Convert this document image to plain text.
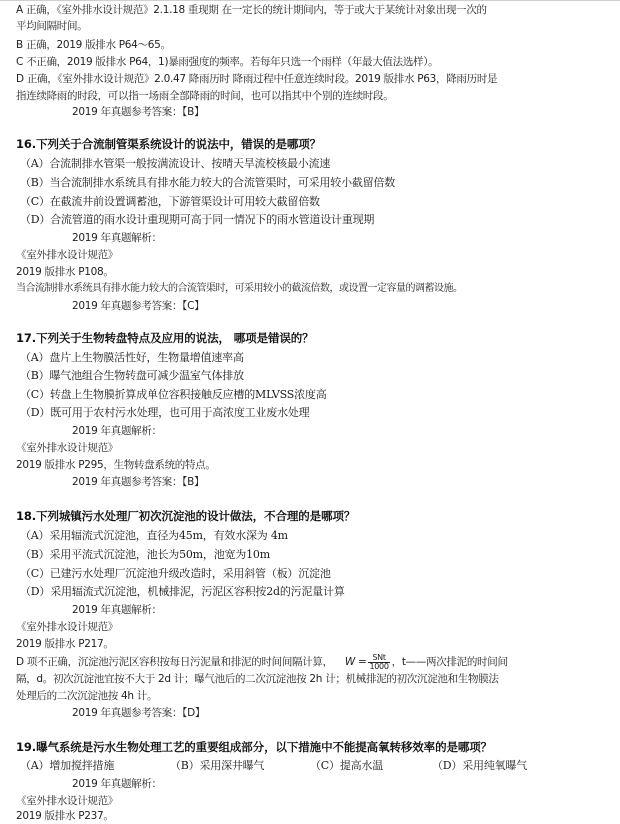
A 正确，《室外排水设计规范》2.1.18 重现期 在一定长的统计期间内，等于或大于某统计对象出现一次的
平均间隔时间。
B 正确，2019 版排水 P64～65。
C 不正确，2019 版排水 P64，1)暴雨强度的频率。若每年只选一个雨样（年最大值法选样）。
D 正确，《室外排水设计规范》2.0.47 降雨历时 降雨过程中任意连续时段。2019 版排水 P63，降雨历时是
指连续降雨的时段，可以指一场雨全部降雨的时间，也可以指其中个别的连续时段。
2019 年真题参考答案：【B】
16.下列关于合流制管渠系统设计的说法中，错误的是哪项？
（A）合流制排水管渠一般按满流设计、按晴天旱流校核最小流速
（B）当合流制排水系统具有排水能力较大的合流管渠时，可采用较小截留倍数
（C）在截流井前设置调蓄池，下游管渠设计可用较大截留倍数
（D）合流管道的雨水设计重现期可高于同一情况下的雨水管道设计重现期
2019 年真题解析：
《室外排水设计规范》
2019 版排水 P108。
当合流制排水系统具有排水能力较大的合流管渠时，可采用较小的截流倍数，或设置一定容量的调蓄设施。
2019 年真题参考答案：【C】
17.下列关于生物转盘特点及应用的说法， 哪项是错误的？
（A）盘片上生物膜活性好，生物量增值速率高
（B）曝气池组合生物转盘可减少温室气体排放
（C）转盘上生物膜折算成单位容积接触反应槽的MLVSS浓度高
（D）既可用于农村污水处理，也可用于高浓度工业废水处理
2019 年真题解析：
《室外排水设计规范》
2019 版排水 P295，生物转盘系统的特点。
2019 年真题参考答案：【B】
18.下列城镇污水处理厂初次沉淀池的设计做法，不合理的是哪项？
（A）采用辐流式沉淀池，直径为45m，有效水深为 4m
（B）采用平流式沉淀池，池长为50m，池宽为10m
（C）已建污水处理厂沉淀池升级改造时，采用斜管（板）沉淀池
（D）采用辐流式沉淀池，机械排泥，污泥区容积按2d的污泥量计算
2019 年真题解析：
《室外排水设计规范》
2019 版排水 P217。
D 项不正确，沉淀池污泥区容积按每日污泥量和排泥的时间间隔计算， $W = \frac{\text{SNt}}{1000}$ ，t——两次排泥的时间间
隔，d。初次沉淀池宜按不大于 2d 计；曝气池后的二次沉淀池按 2h 计；机械排泥的初次沉淀池和生物膜法
处理后的二次沉淀池按 4h 计。
2019 年真题参考答案：【D】
19.曝气系统是污水生物处理工艺的重要组成部分，以下措施中不能提高氧转移效率的是哪项？
（A）增加搅拌措施	（B）采用深井曝气	（C）提高水温	（D）采用纯氧曝气
2019 年真题解析：
《室外排水设计规范》
2019 版排水 P237。
